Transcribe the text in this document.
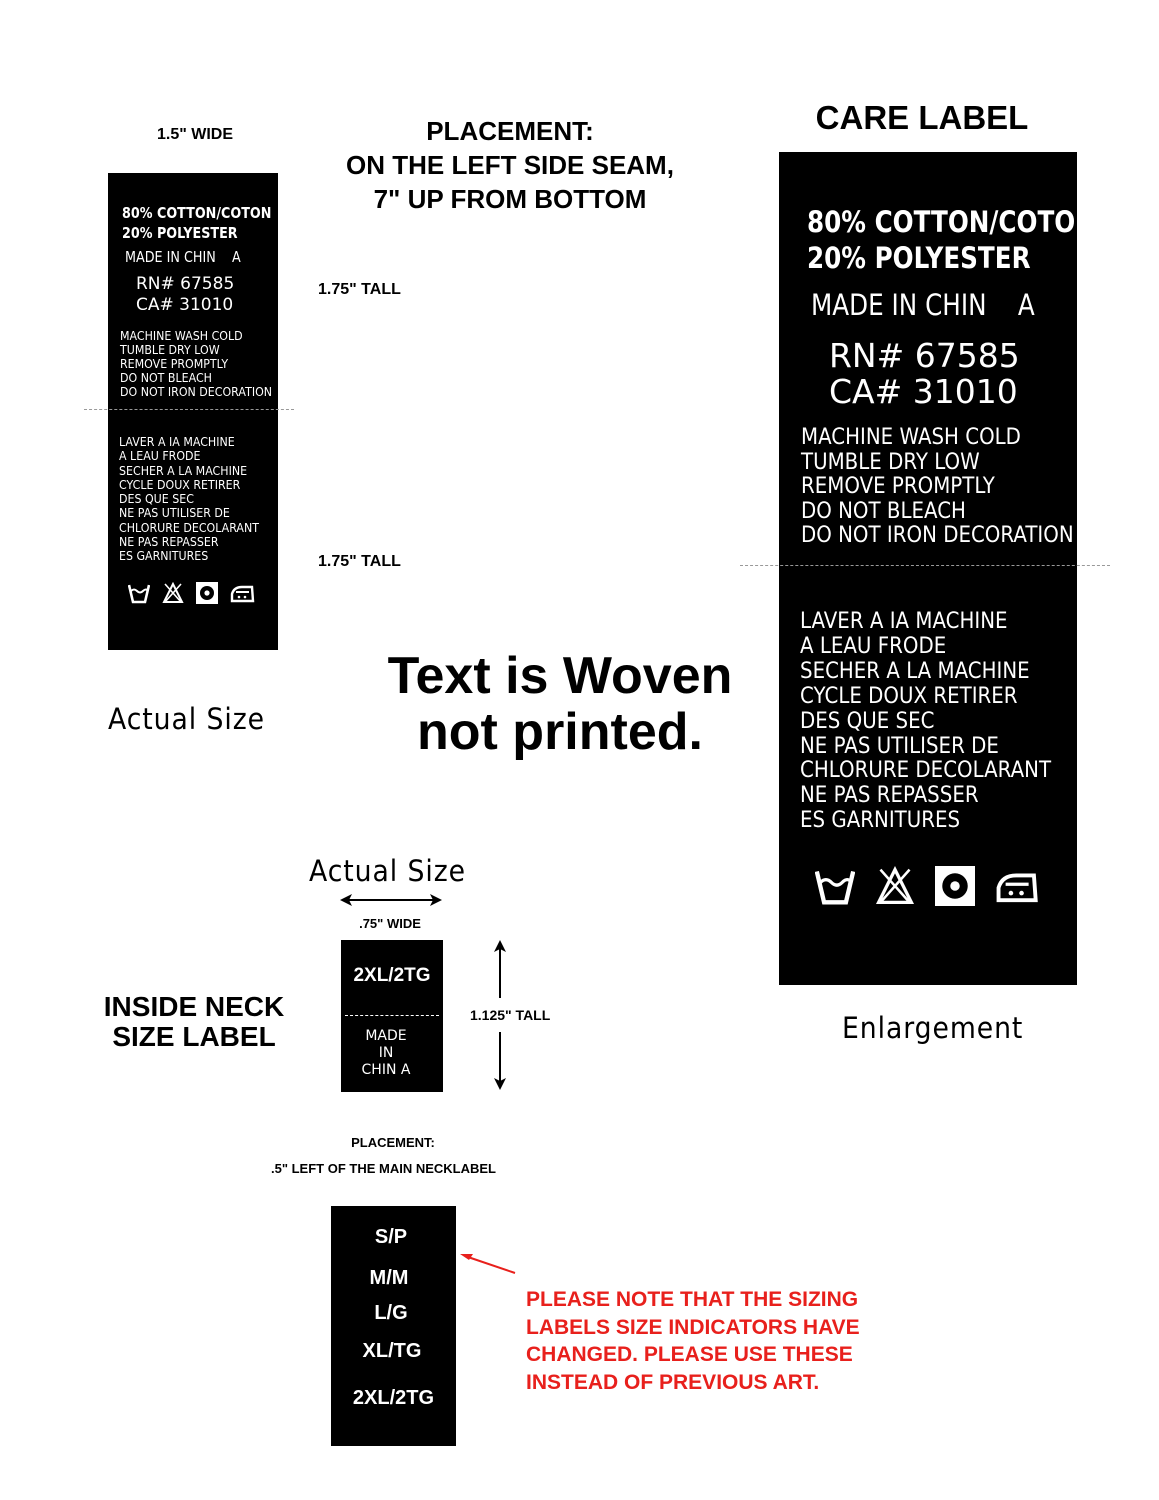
1.5" WIDE
80% COTTON/COTON
20% POLYESTER
MADE IN CHIN    A
RN# 67585
CA# 31010
MACHINE WASH COLD
TUMBLE DRY LOW
REMOVE PROMPTLY
DO NOT BLEACH
DO NOT IRON DECORATION
LAVER A IA MACHINE
A LEAU FRODE
SECHER A LA MACHINE
CYCLE DOUX RETIRER
DES QUE SEC
NE PAS UTILISER DE
CHLORURE DECOLARANT
NE PAS REPASSER
ES GARNITURES
Actual Size
PLACEMENT:
ON THE LEFT SIDE SEAM,
7" UP FROM BOTTOM
1.75" TALL
1.75" TALL
Text is Woven
not printed.
CARE LABEL
80% COTTON/COTON
20% POLYESTER
MADE IN CHIN    A
RN# 67585
CA# 31010
MACHINE WASH COLD
TUMBLE DRY LOW
REMOVE PROMPTLY
DO NOT BLEACH
DO NOT IRON DECORATION
LAVER A IA MACHINE
A LEAU FRODE
SECHER A LA MACHINE
CYCLE DOUX RETIRER
DES QUE SEC
NE PAS UTILISER DE
CHLORURE DECOLARANT
NE PAS REPASSER
ES GARNITURES
Enlargement
Actual Size
.75" WIDE
2XL/2TG
MADE
IN
CHIN A
1.125" TALL
INSIDE NECK
SIZE LABEL
PLACEMENT:
.5" LEFT OF THE MAIN NECKLABEL
S/P
M/M
L/G
XL/TG
2XL/2TG
PLEASE NOTE THAT THE SIZING
LABELS SIZE INDICATORS HAVE
CHANGED. PLEASE USE THESE
INSTEAD OF PREVIOUS ART.
